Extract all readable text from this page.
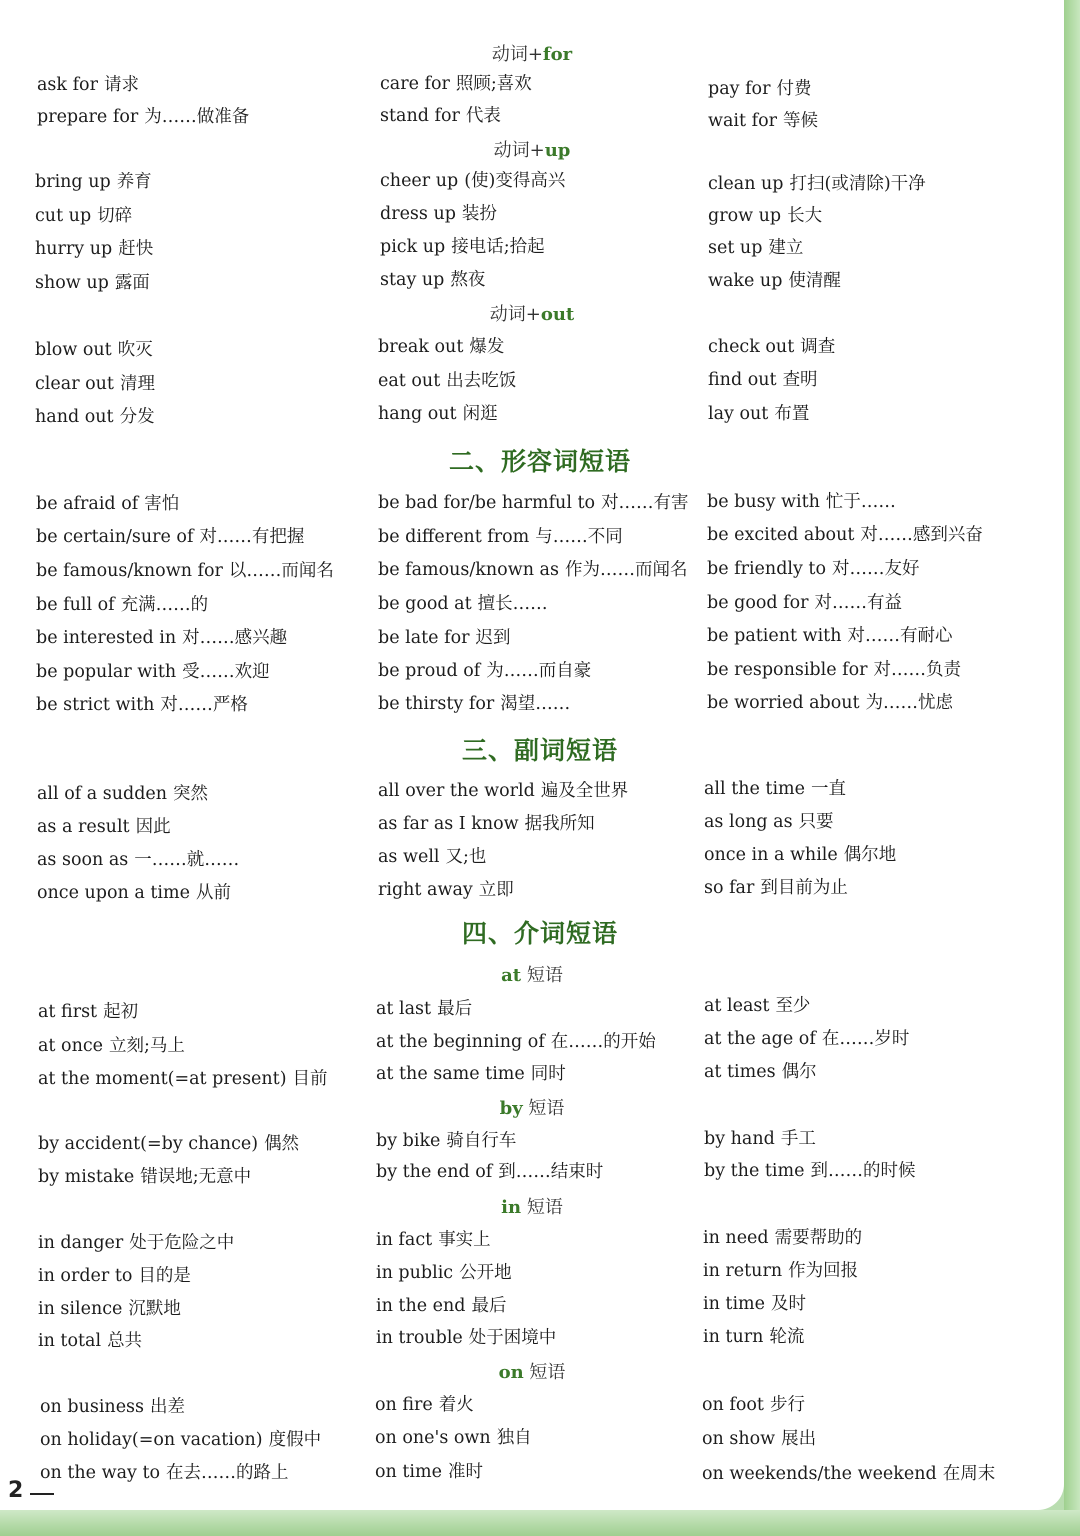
动词+for
动词+up
动词+out
at 短语
by 短语
in 短语
on 短语
二、形容词短语
三、副词短语
四、介词短语
ask for 请求
prepare for 为……做准备
care for 照顾;喜欢
stand for 代表
pay for 付费
wait for 等候
bring up 养育
cut up 切碎
hurry up 赶快
show up 露面
cheer up (使)变得高兴
dress up 装扮
pick up 接电话;拾起
stay up 熬夜
clean up 打扫(或清除)干净
grow up 长大
set up 建立
wake up 使清醒
blow out 吹灭
clear out 清理
hand out 分发
break out 爆发
eat out 出去吃饭
hang out 闲逛
check out 调查
find out 查明
lay out 布置
be afraid of 害怕
be certain/sure of 对……有把握
be famous/known for 以……而闻名
be full of 充满……的
be interested in 对……感兴趣
be popular with 受……欢迎
be strict with 对……严格
be bad for/be harmful to 对……有害
be different from 与……不同
be famous/known as 作为……而闻名
be good at 擅长……
be late for 迟到
be proud of 为……而自豪
be thirsty for 渴望……
be busy with 忙于……
be excited about 对……感到兴奋
be friendly to 对……友好
be good for 对……有益
be patient with 对……有耐心
be responsible for 对……负责
be worried about 为……忧虑
all of a sudden 突然
as a result 因此
as soon as 一……就……
once upon a time 从前
all over the world 遍及全世界
as far as I know 据我所知
as well 又;也
right away 立即
all the time 一直
as long as 只要
once in a while 偶尔地
so far 到目前为止
at first 起初
at once 立刻;马上
at the moment(=at present) 目前
at last 最后
at the beginning of 在……的开始
at the same time 同时
at least 至少
at the age of 在……岁时
at times 偶尔
by accident(=by chance) 偶然
by mistake 错误地;无意中
by bike 骑自行车
by the end of 到……结束时
by hand 手工
by the time 到……的时候
in danger 处于危险之中
in order to 目的是
in silence 沉默地
in total 总共
in fact 事实上
in public 公开地
in the end 最后
in trouble 处于困境中
in need 需要帮助的
in return 作为回报
in time 及时
in turn 轮流
on business 出差
on holiday(=on vacation) 度假中
on the way to 在去……的路上
on fire 着火
on one's own 独自
on time 准时
on foot 步行
on show 展出
on weekends/the weekend 在周末
2
